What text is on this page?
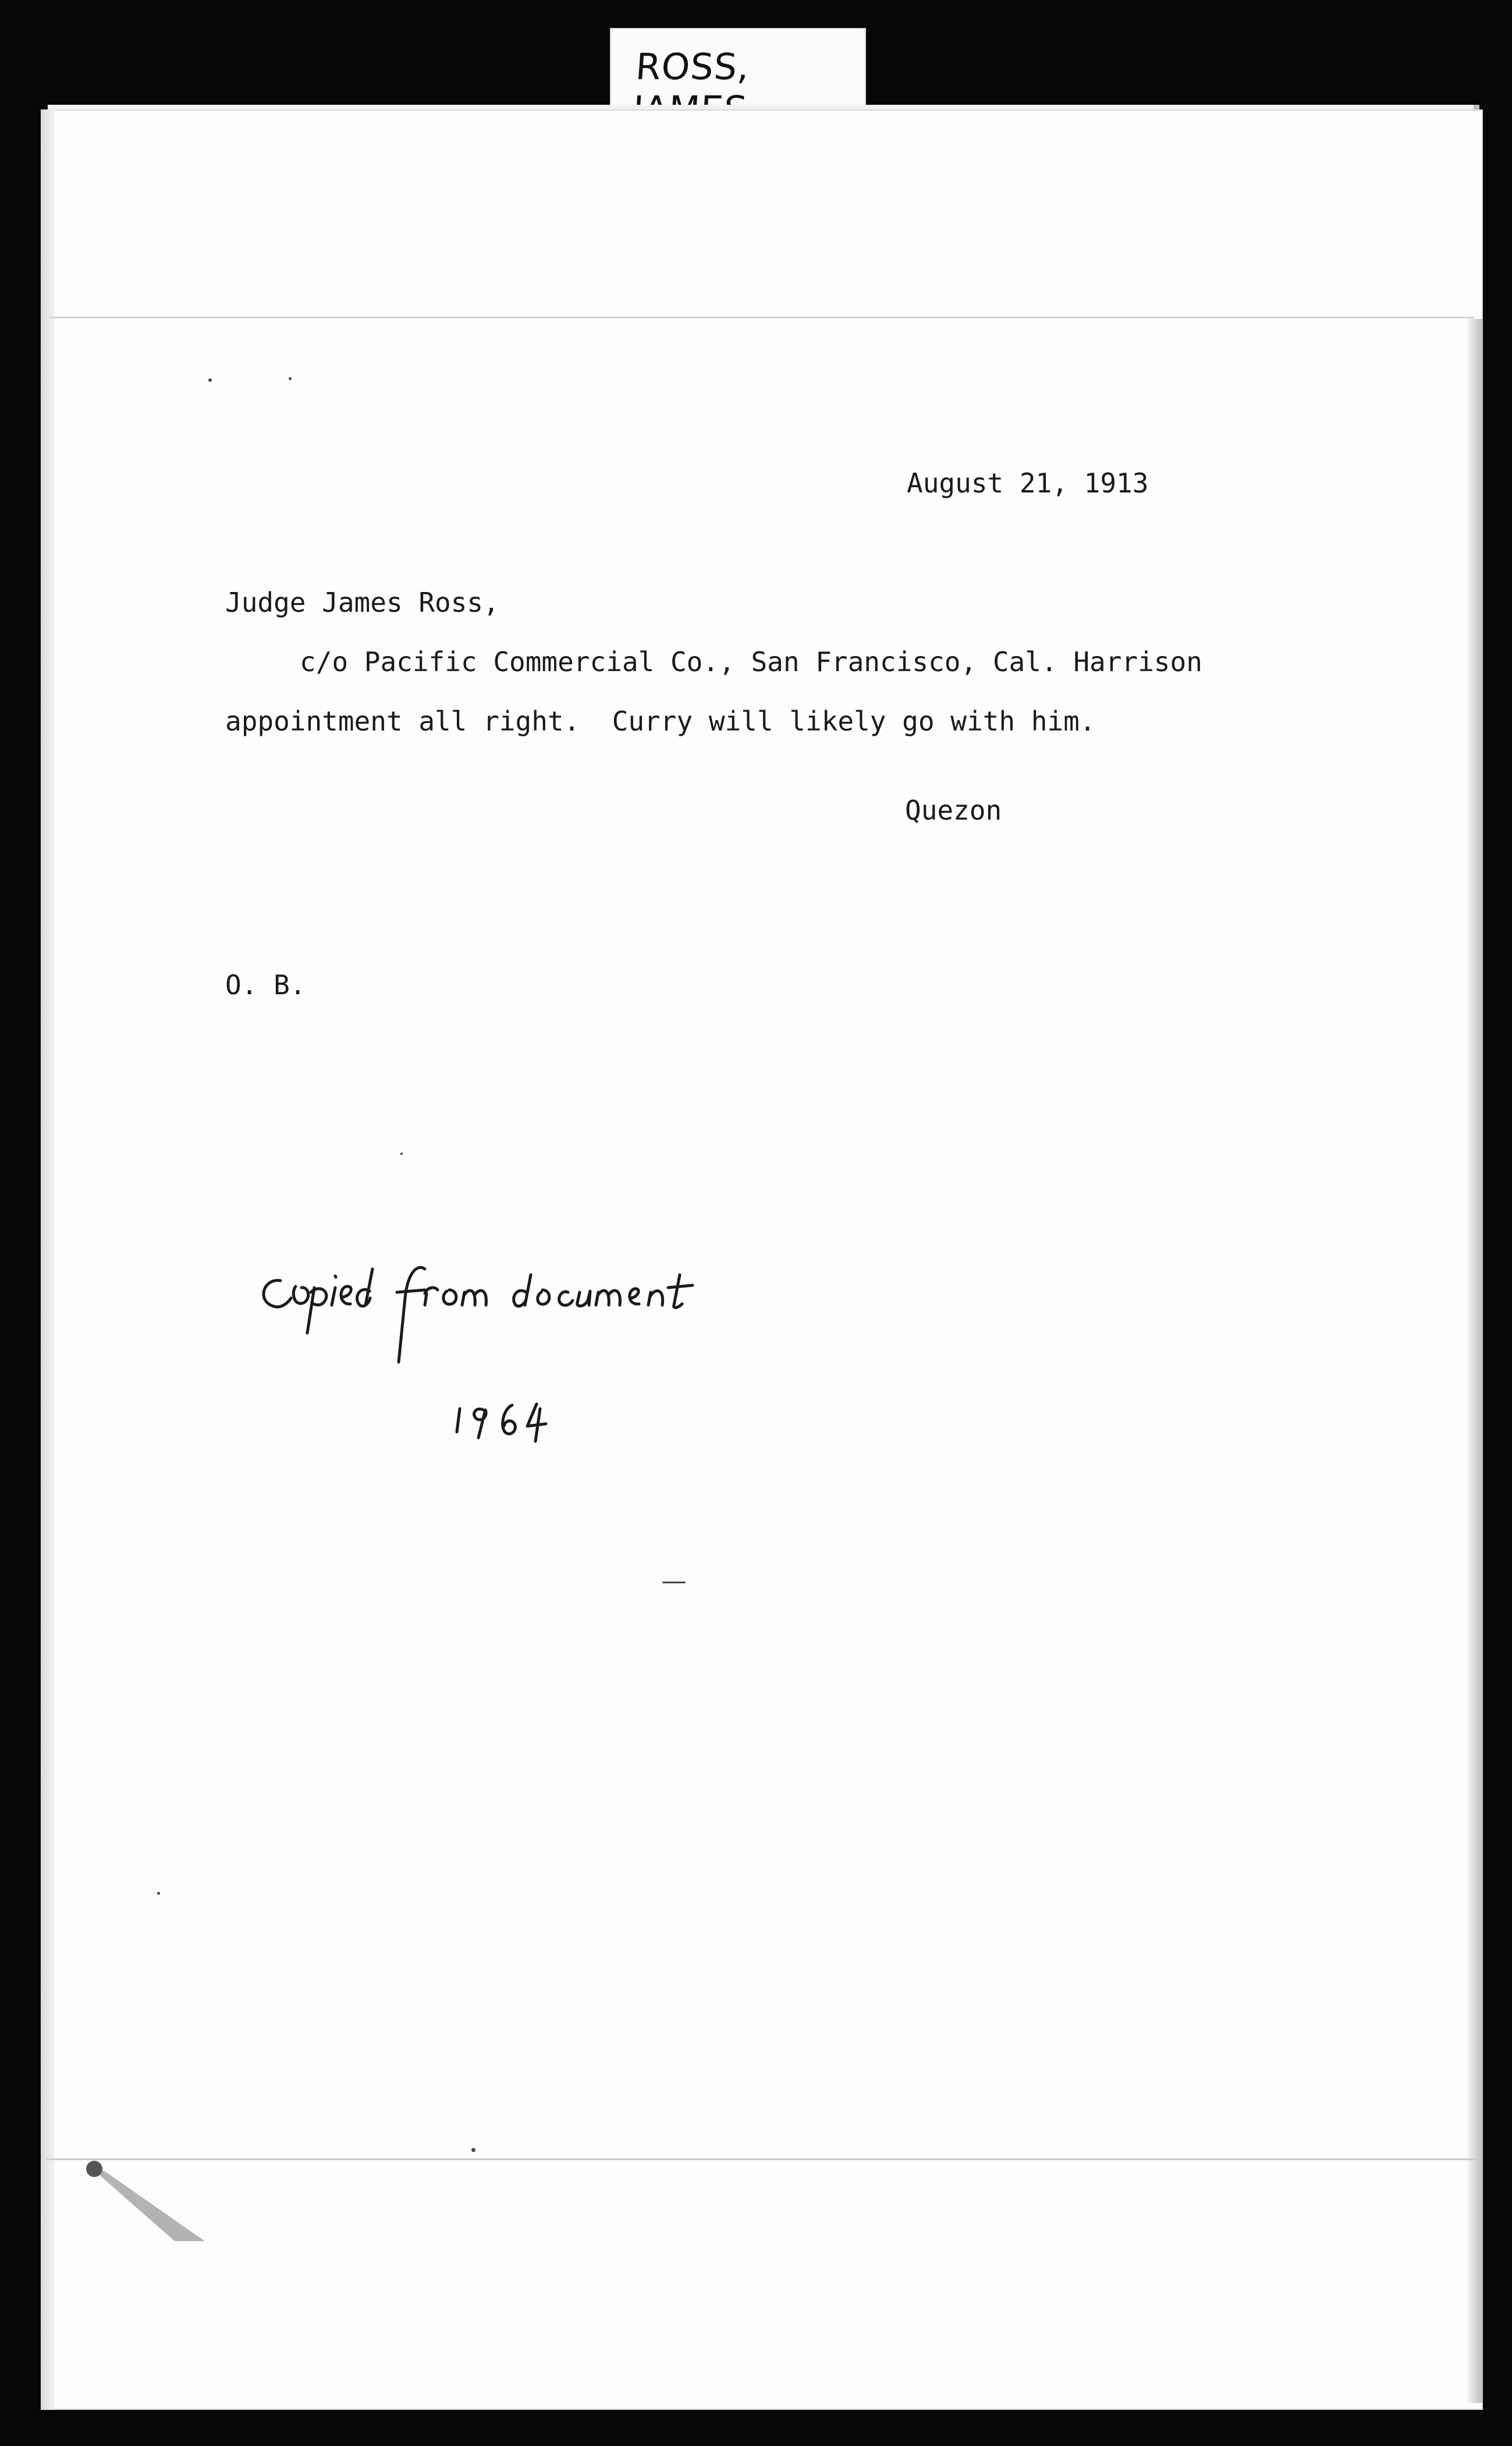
ROSS,
August 21, 1913
Judge James Ross,
c/o Pacific Commercial Co., San Francisco, Cal. Harrison
appointment all right.  Curry will likely go with him.
Quezon
O. B.
